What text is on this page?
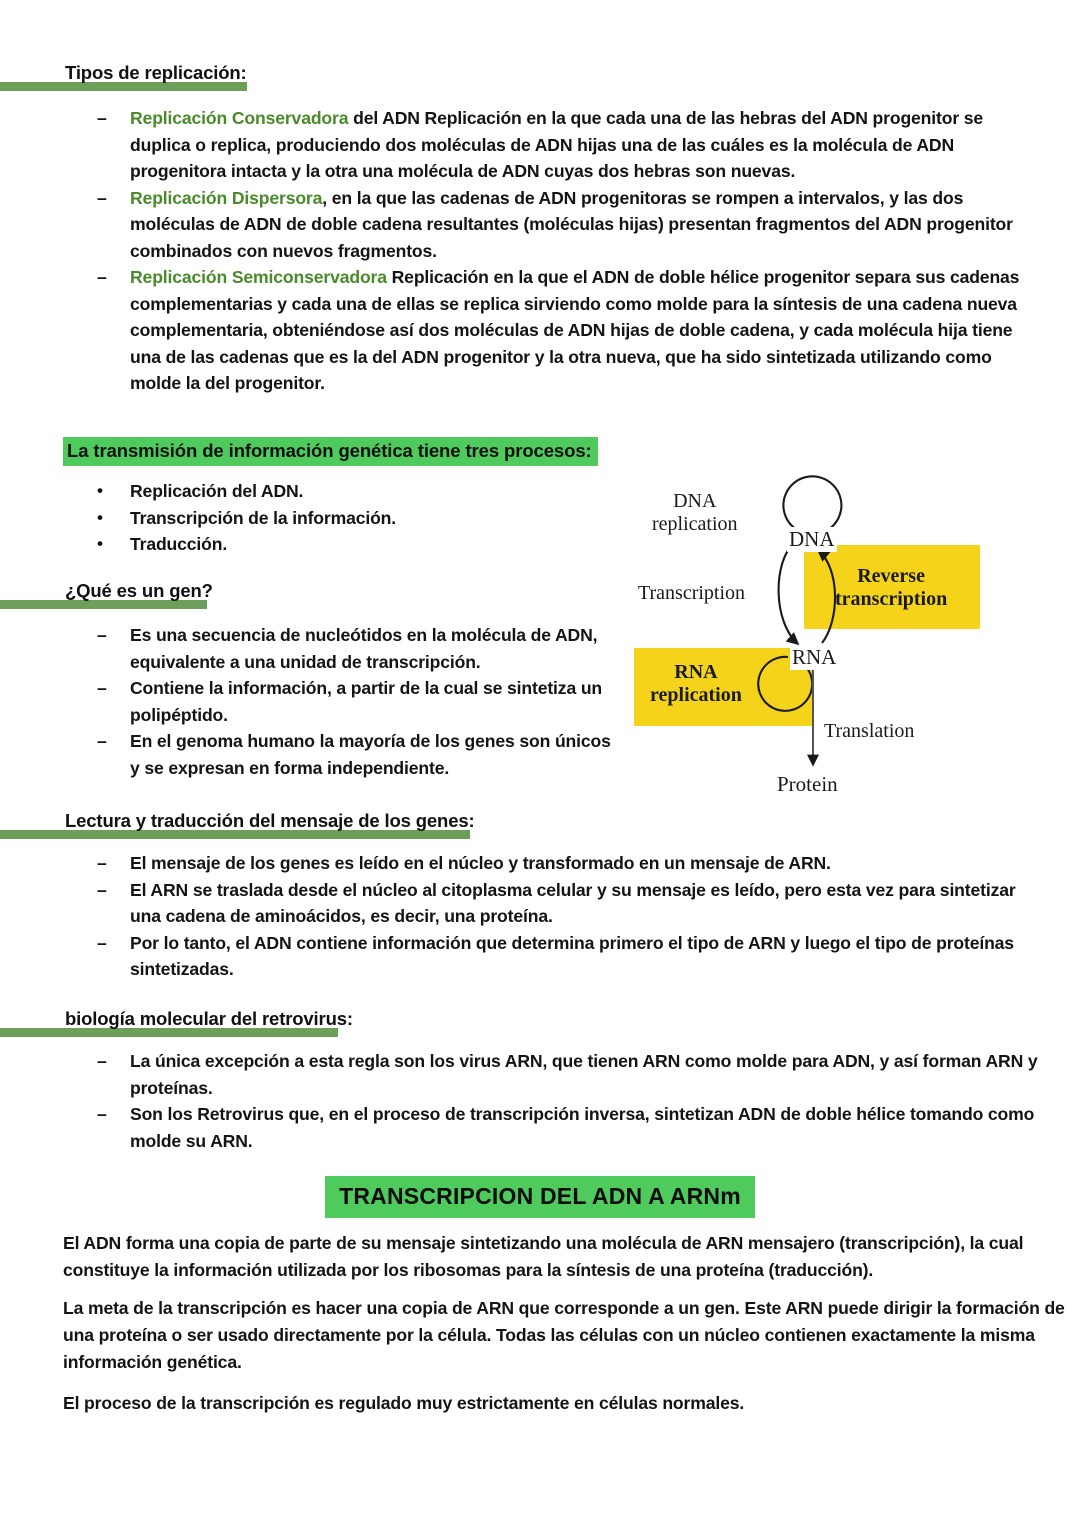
Tipos de replicación:
– Replicación Conservadora del ADN Replicación en la que cada una de las hebras del ADN progenitor se duplica o replica, produciendo dos moléculas de ADN hijas una de las cuáles es la molécula de ADN progenitora intacta y la otra una molécula de ADN cuyas dos hebras son nuevas.
– Replicación Dispersora, en la que las cadenas de ADN progenitoras se rompen a intervalos, y las dos moléculas de ADN de doble cadena resultantes (moléculas hijas) presentan fragmentos del ADN progenitor combinados con nuevos fragmentos.
– Replicación Semiconservadora Replicación en la que el ADN de doble hélice progenitor separa sus cadenas complementarias y cada una de ellas se replica sirviendo como molde para la síntesis de una cadena nueva complementaria, obteniéndose así dos moléculas de ADN hijas de doble cadena, y cada molécula hija tiene una de las cadenas que es la del ADN progenitor y la otra nueva, que ha sido sintetizada utilizando como molde la del progenitor.
La transmisión de información genética tiene tres procesos:
• Replicación del ADN.
• Transcripción de la información.
• Traducción.
¿Qué es un gen?
– Es una secuencia de nucleótidos en la molécula de ADN, equivalente a una unidad de transcripción.
– Contiene la información, a partir de la cual se sintetiza un polipéptido.
– En el genoma humano la mayoría de los genes son únicos y se expresan en forma independiente.
DNA
RNA
Protein
DNA
replication
Transcription
Reverse
transcription
RNA
replication
Translation
Lectura y traducción del mensaje de los genes:
– El mensaje de los genes es leído en el núcleo y transformado en un mensaje de ARN.
– El ARN se traslada desde el núcleo al citoplasma celular y su mensaje es leído, pero esta vez para sintetizar una cadena de aminoácidos, es decir, una proteína.
– Por lo tanto, el ADN contiene información que determina primero el tipo de ARN y luego el tipo de proteínas sintetizadas.
biología molecular del retrovirus:
– La única excepción a esta regla son los virus ARN, que tienen ARN como molde para ADN, y así forman ARN y proteínas.
– Son los Retrovirus que, en el proceso de transcripción inversa, sintetizan ADN de doble hélice tomando como molde su ARN.
TRANSCRIPCION DEL ADN A ARNm

El ADN forma una copia de parte de su mensaje sintetizando una molécula de ARN mensajero (transcripción), la cual constituye la información utilizada por los ribosomas para la síntesis de una proteína (traducción).

La meta de la transcripción es hacer una copia de ARN que corresponde a un gen. Este ARN puede dirigir la formación de una proteína o ser usado directamente por la célula. Todas las células con un núcleo contienen exactamente la misma información genética.

El proceso de la transcripción es regulado muy estrictamente en células normales.
